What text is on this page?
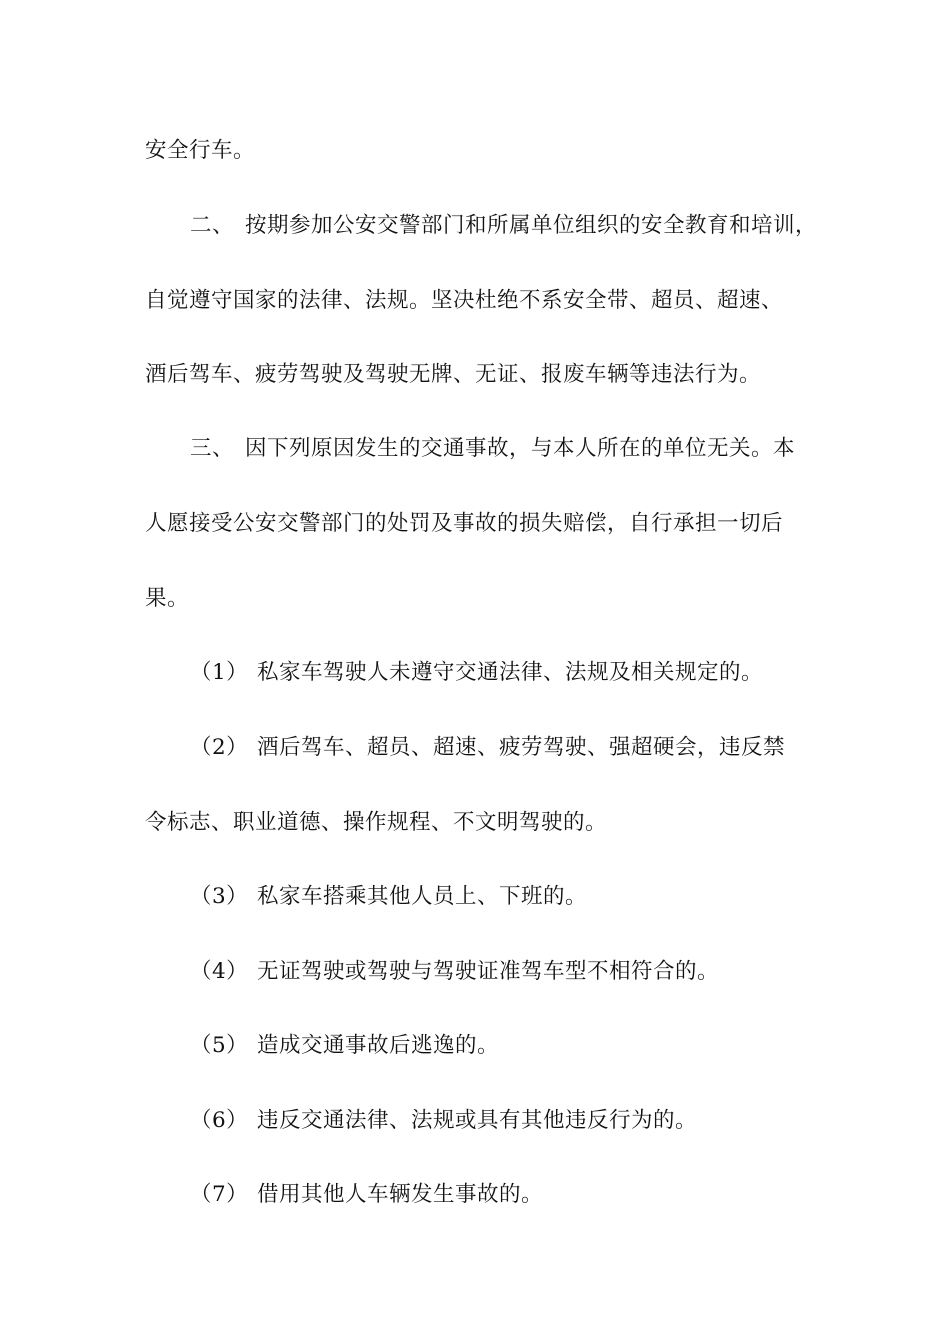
安全行车。
二、 按期参加公安交警部门和所属单位组织的安全教育和培训，
自觉遵守国家的法律、法规。坚决杜绝不系安全带、超员、超速、
酒后驾车、疲劳驾驶及驾驶无牌、无证、报废车辆等违法行为。
三、 因下列原因发生的交通事故，与本人所在的单位无关。本
人愿接受公安交警部门的处罚及事故的损失赔偿，自行承担一切后
果。
（1） 私家车驾驶人未遵守交通法律、法规及相关规定的。
（2） 酒后驾车、超员、超速、疲劳驾驶、强超硬会，违反禁
令标志、职业道德、操作规程、不文明驾驶的。
（3） 私家车搭乘其他人员上、下班的。
（4） 无证驾驶或驾驶与驾驶证准驾车型不相符合的。
（5） 造成交通事故后逃逸的。
（6） 违反交通法律、法规或具有其他违反行为的。
（7） 借用其他人车辆发生事故的。
